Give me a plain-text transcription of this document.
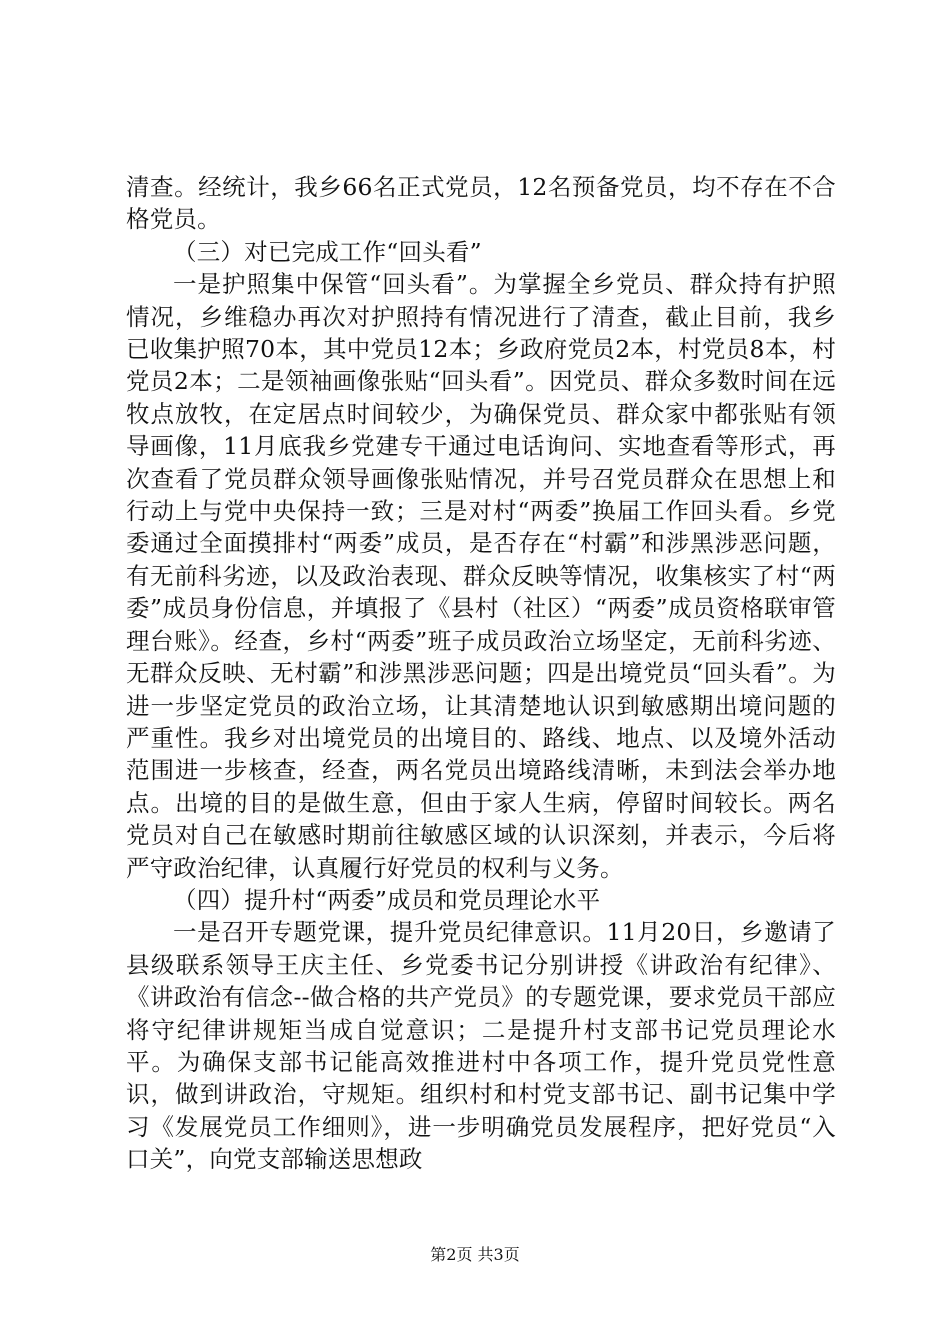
清查。经统计，我乡66名正式党员，12名预备党员，均不存在不合格党员。

（三）对已完成工作“回头看”

一是护照集中保管“回头看”。为掌握全乡党员、群众持有护照情况，乡维稳办再次对护照持有情况进行了清查，截止目前，我乡已收集护照70本，其中党员12本；乡政府党员2本，村党员8本，村党员2本；二是领袖画像张贴“回头看”。因党员、群众多数时间在远牧点放牧，在定居点时间较少，为确保党员、群众家中都张贴有领导画像，11月底我乡党建专干通过电话询问、实地查看等形式，再次查看了党员群众领导画像张贴情况，并号召党员群众在思想上和行动上与党中央保持一致；三是对村“两委”换届工作回头看。乡党委通过全面摸排村“两委”成员，是否存在“村霸”和涉黑涉恶问题，有无前科劣迹，以及政治表现、群众反映等情况，收集核实了村“两委”成员身份信息，并填报了《县村（社区）“两委”成员资格联审管理台账》。经查，乡村“两委”班子成员政治立场坚定，无前科劣迹、无群众反映、无村霸”和涉黑涉恶问题；四是出境党员“回头看”。为进一步坚定党员的政治立场，让其清楚地认识到敏感期出境问题的严重性。我乡对出境党员的出境目的、路线、地点、以及境外活动范围进一步核查，经查，两名党员出境路线清晰，未到法会举办地点。出境的目的是做生意，但由于家人生病，停留时间较长。两名党员对自己在敏感时期前往敏感区域的认识深刻，并表示，今后将严守政治纪律，认真履行好党员的权利与义务。

（四）提升村“两委”成员和党员理论水平

一是召开专题党课，提升党员纪律意识。11月20日，乡邀请了县级联系领导王庆主任、乡党委书记分别讲授《讲政治有纪律》、《讲政治有信念--做合格的共产党员》的专题党课，要求党员干部应将守纪律讲规矩当成自觉意识；二是提升村支部书记党员理论水平。为确保支部书记能高效推进村中各项工作，提升党员党性意识，做到讲政治，守规矩。组织村和村党支部书记、副书记集中学习《发展党员工作细则》，进一步明确党员发展程序，把好党员“入口关”，向党支部输送思想政

第2页 共3页
